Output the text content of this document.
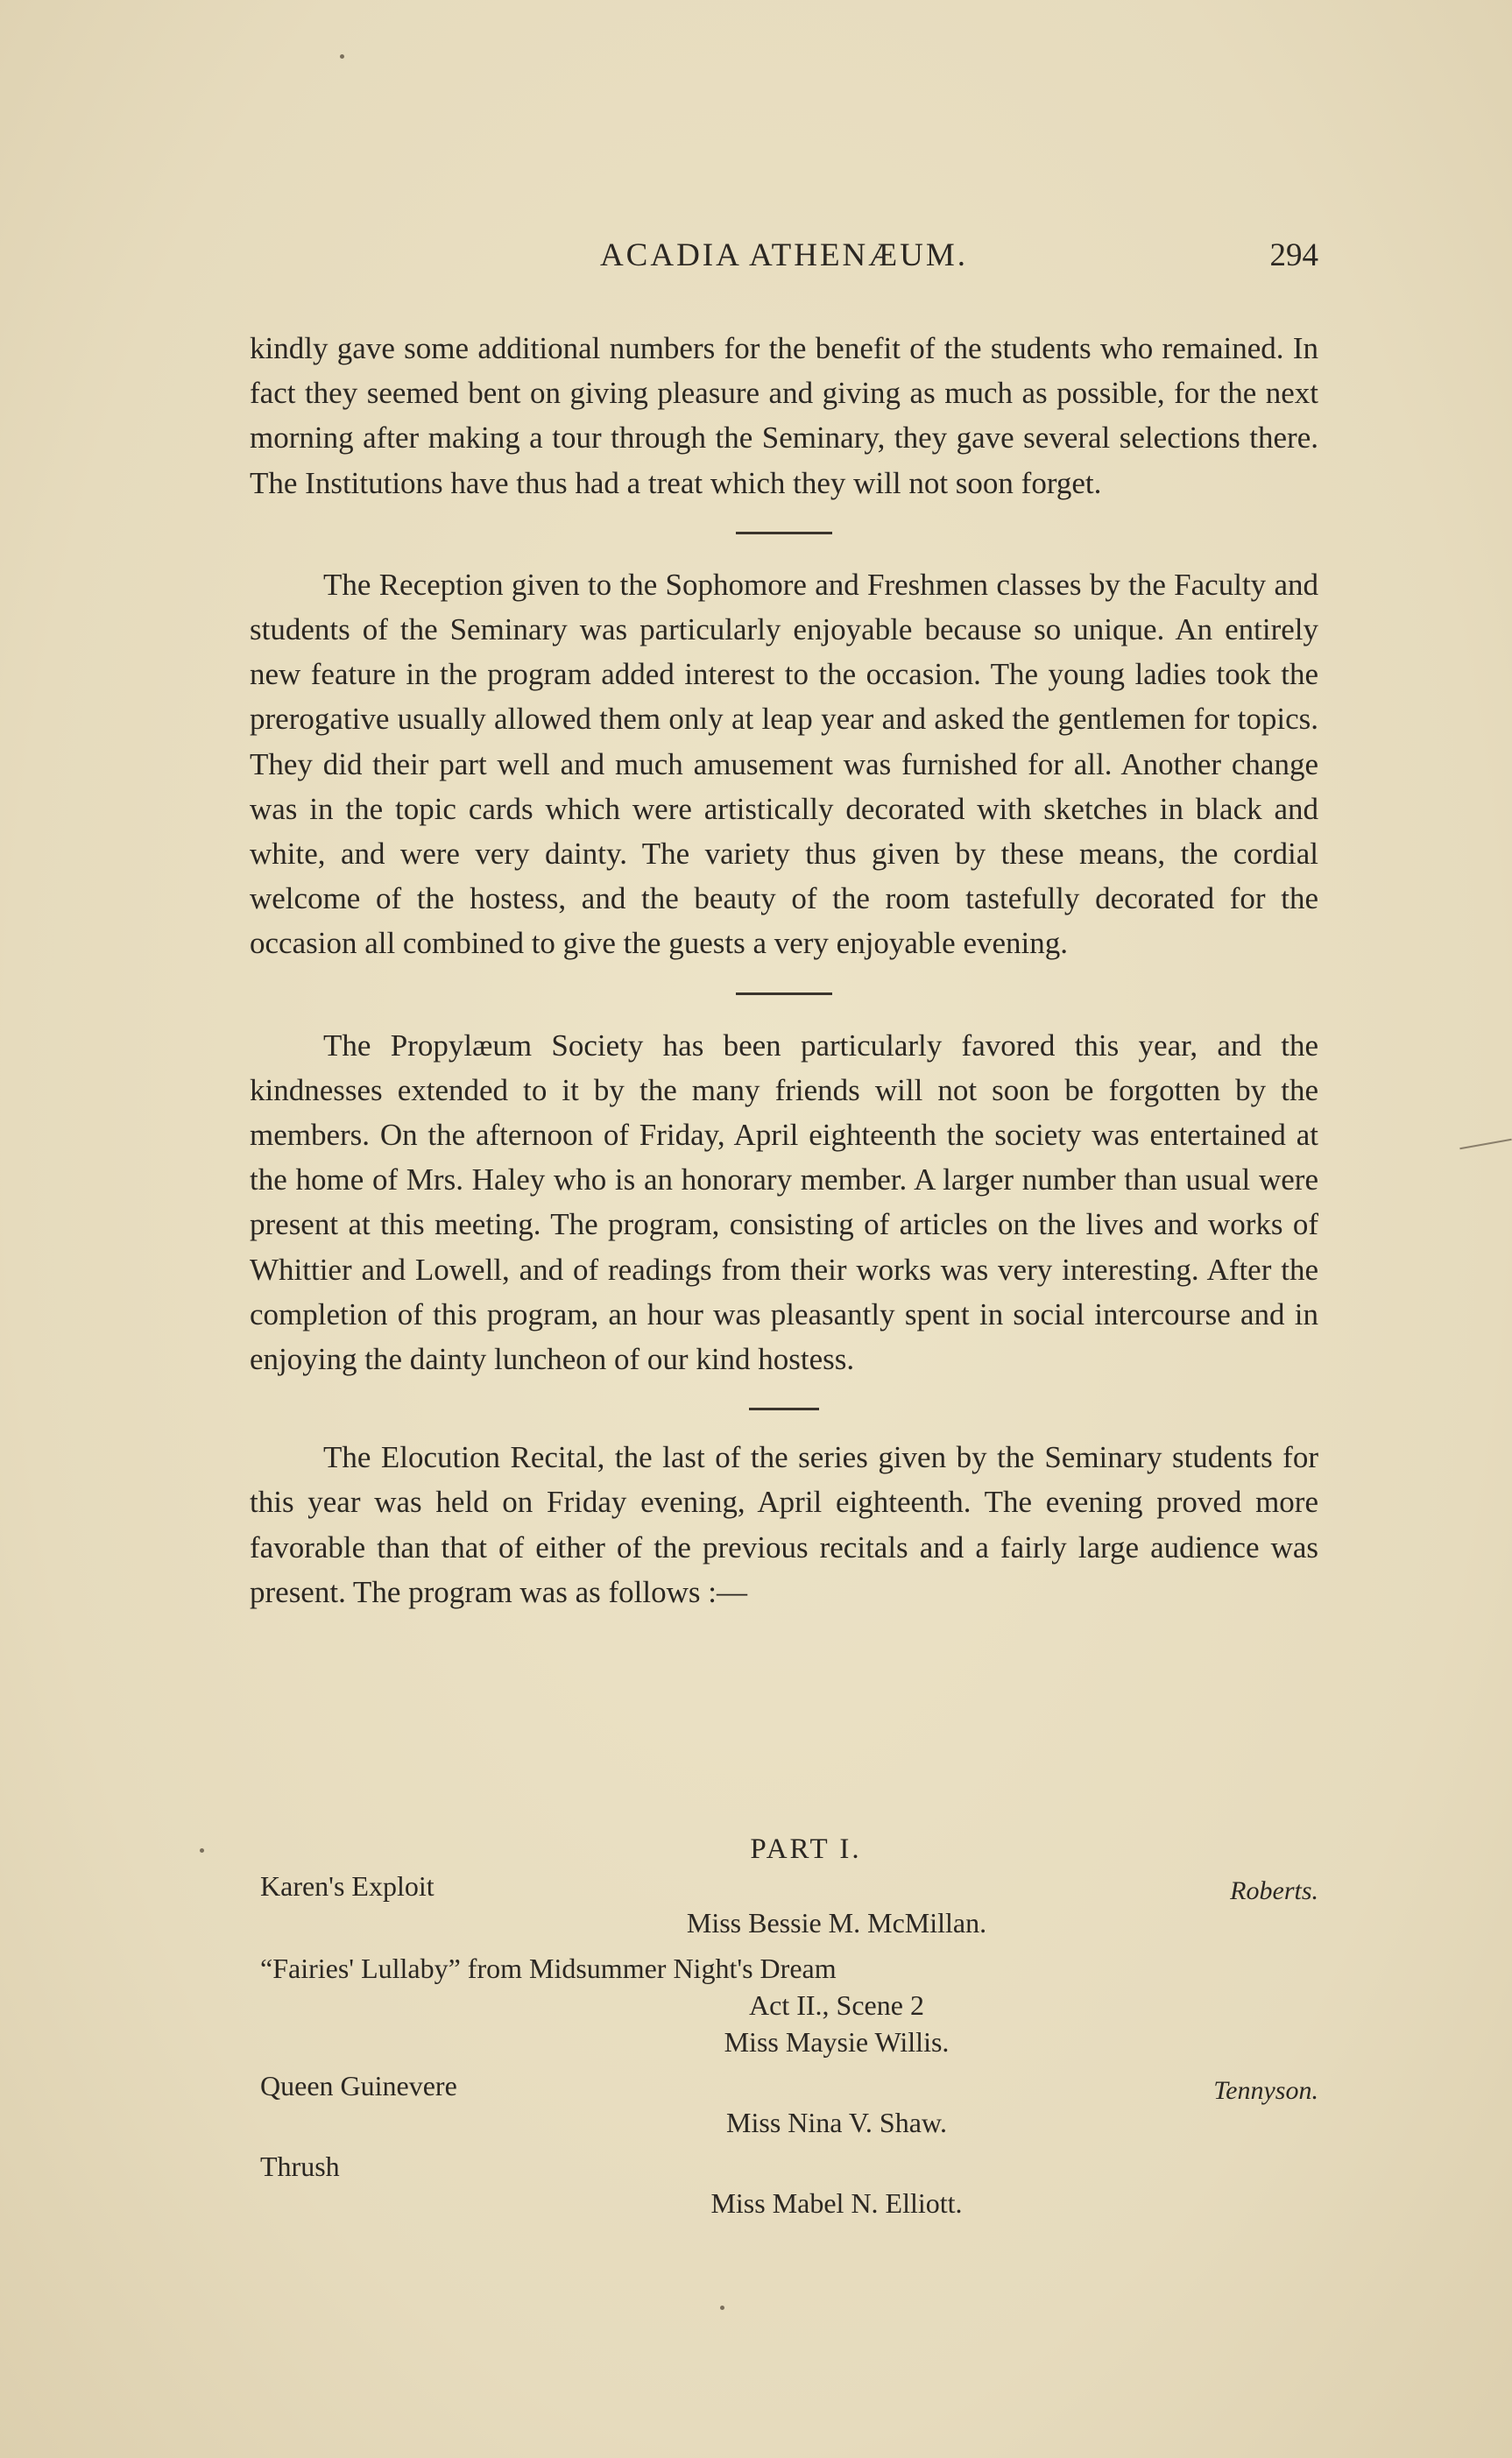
ACADIA ATHENÆUM.	294

kindly gave some additional numbers for the benefit of the students who remained. In fact they seemed bent on giving pleasure and giving as much as possible, for the next morning after making a tour through the Seminary, they gave several selections there. The Institutions have thus had a treat which they will not soon forget.

The Reception given to the Sophomore and Freshmen classes by the Faculty and students of the Seminary was particularly enjoyable because so unique. An entirely new feature in the program added interest to the occasion. The young ladies took the prerogative usually allowed them only at leap year and asked the gentlemen for topics. They did their part well and much amusement was furnished for all. Another change was in the topic cards which were artistically decorated with sketches in black and white, and were very dainty. The variety thus given by these means, the cordial welcome of the hostess, and the beauty of the room tastefully decorated for the occasion all combined to give the guests a very enjoyable evening.

The Propylæum Society has been particularly favored this year, and the kindnesses extended to it by the many friends will not soon be forgotten by the members. On the afternoon of Friday, April eighteenth the society was entertained at the home of Mrs. Haley who is an honorary member. A larger number than usual were present at this meeting. The program, consisting of articles on the lives and works of Whittier and Lowell, and of readings from their works was very interesting. After the completion of this program, an hour was pleasantly spent in social intercourse and in enjoying the dainty luncheon of our kind hostess.

The Elocution Recital, the last of the series given by the Seminary students for this year was held on Friday evening, April eighteenth. The evening proved more favorable than that of either of the previous recitals and a fairly large audience was present. The program was as follows :—

PART I.
Karen's Exploit	Roberts.
Miss Bessie M. McMillan.
“Fairies' Lullaby” from Midsummer Night's Dream
Act II., Scene 2
Miss Maysie Willis.
Queen Guinevere	Tennyson.
Miss Nina V. Shaw.
Thrush
Miss Mabel N. Elliott.
